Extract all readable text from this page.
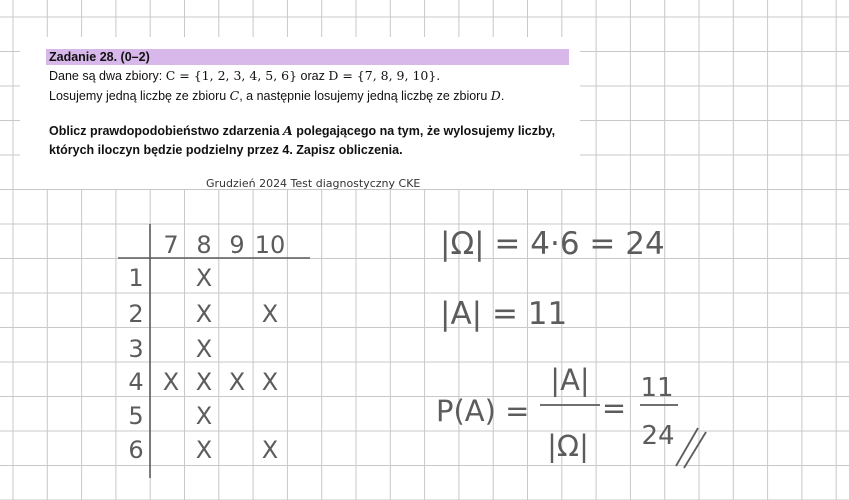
Zadanie 28. (0–2)
Dane są dwa zbiory: C = {1, 2, 3, 4, 5, 6} oraz D = {7, 8, 9, 10}.
Losujemy jedną liczbę ze zbioru C, a następnie losujemy jedną liczbę ze zbioru D.
Oblicz prawdopodobieństwo zdarzenia A polegającego na tym, że wylosujemy liczby,
których iloczyn będzie podzielny przez 4. Zapisz obliczenia.
Grudzień 2024 Test diagnostyczny CKE
7 8 9 10
1
2
3
4
5
6
X
X X
X
X X X X
X
X X
|Ω| = 4·6 = 24
|A| = 11
P(A) =
|A|
|Ω|
=
11
24
